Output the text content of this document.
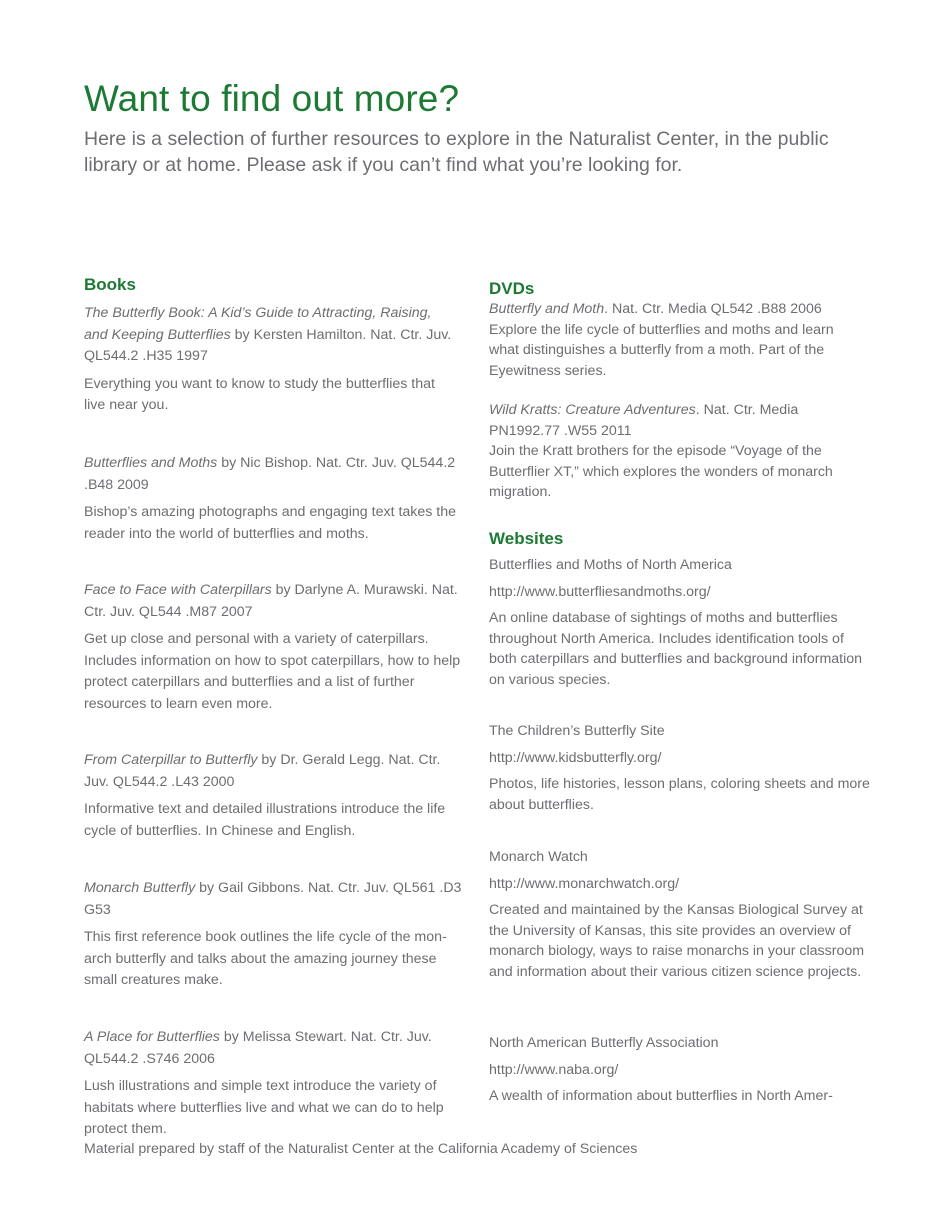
Want to find out more?

Here is a selection of further resources to explore in the Naturalist Center, in the public library or at home. Please ask if you can’t find what you’re looking for.

Books

The Butterfly Book: A Kid’s Guide to Attracting, Raising, and Keeping Butterflies by Kersten Hamilton. Nat. Ctr. Juv. QL544.2 .H35 1997

Everything you want to know to study the butterflies that live near you.

Butterflies and Moths by Nic Bishop. Nat. Ctr. Juv. QL544.2 .B48 2009

Bishop’s amazing photographs and engaging text takes the reader into the world of butterflies and moths.

Face to Face with Caterpillars by Darlyne A. Murawski. Nat. Ctr. Juv. QL544 .M87 2007

Get up close and personal with a variety of caterpillars. Includes information on how to spot caterpillars, how to help protect caterpillars and butterflies and a list of further resources to learn even more.

From Caterpillar to Butterfly by Dr. Gerald Legg. Nat. Ctr. Juv. QL544.2 .L43 2000

Informative text and detailed illustrations introduce the life cycle of butterflies. In Chinese and English.

Monarch Butterfly by Gail Gibbons. Nat. Ctr. Juv. QL561 .D3 G53

This first reference book outlines the life cycle of the monarch butterfly and talks about the amazing journey these small creatures make.

A Place for Butterflies by Melissa Stewart. Nat. Ctr. Juv. QL544.2 .S746 2006

Lush illustrations and simple text introduce the variety of habitats where butterflies live and what we can do to help protect them.

DVDs

Butterfly and Moth. Nat. Ctr. Media QL542 .B88 2006

Explore the life cycle of butterflies and moths and learn what distinguishes a butterfly from a moth. Part of the Eyewitness series.

Wild Kratts: Creature Adventures. Nat. Ctr. Media PN1992.77 .W55 2011

Join the Kratt brothers for the episode “Voyage of the Butterflier XT,” which explores the wonders of monarch migration.

Websites

Butterflies and Moths of North America

http://www.butterfliesandmoths.org/

An online database of sightings of moths and butterflies throughout North America. Includes identification tools of both caterpillars and butterflies and background information on various species.

The Children’s Butterfly Site

http://www.kidsbutterfly.org/

Photos, life histories, lesson plans, coloring sheets and more about butterflies.

Monarch Watch

http://www.monarchwatch.org/

Created and maintained by the Kansas Biological Survey at the University of Kansas, this site provides an overview of monarch biology, ways to raise monarchs in your classroom and information about their various citizen science projects.

North American Butterfly Association

http://www.naba.org/

A wealth of information about butterflies in North Amer-

Material prepared by staff of the Naturalist Center at the California Academy of Sciences
